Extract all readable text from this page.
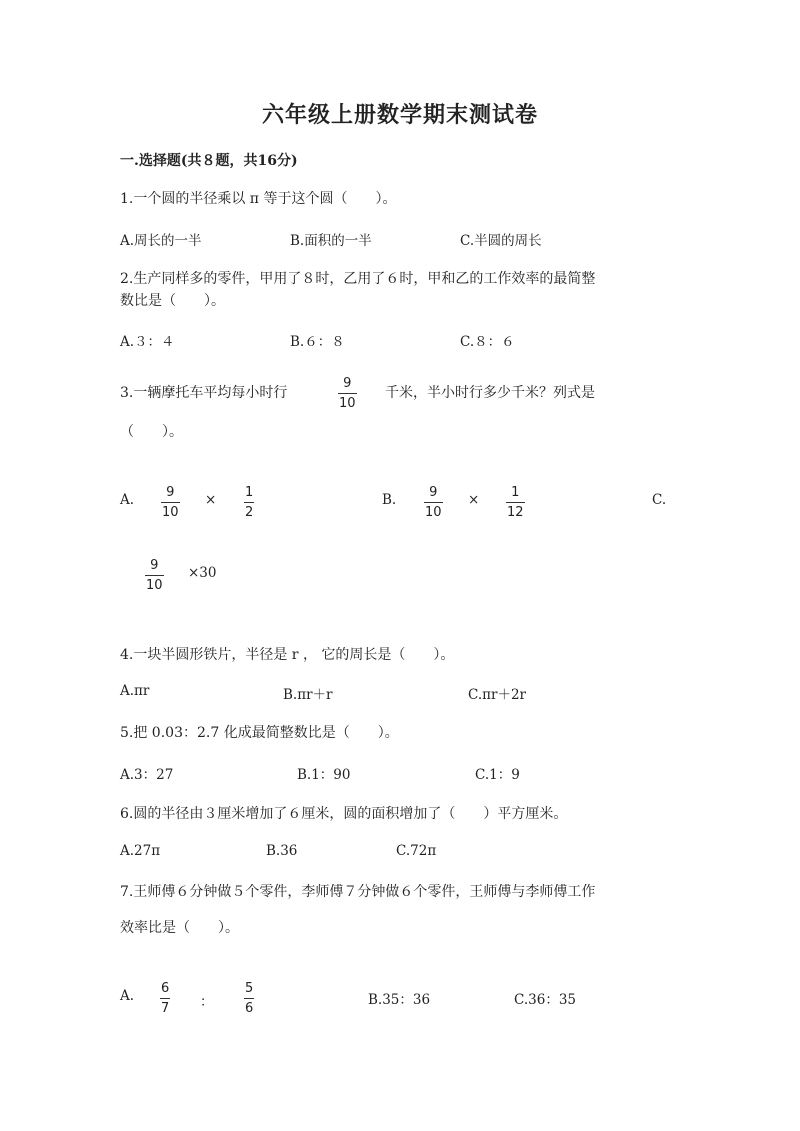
六年级上册数学期末测试卷
一.选择题(共８题，共16分)
1.一个圆的半径乘以 π 等于这个圆（　　）。
A.周长的一半	B.面积的一半	C.半圆的周长
2.生产同样多的零件，甲用了８时，乙用了６时，甲和乙的工作效率的最简整
数比是（　　）。
A.３：４	B.６：８	C.８：６
3.一辆摩托车平均每小时行
9
10
千米，半小时行多少千米？列式是
（　　）。
A. 9
10
× 1
2
B.	9
10
× 1
12
C.
9
10
×30
4.一块半圆形铁片，半径是 r ， 它的周长是（　　）。
A.πr	B.πr＋r	C.πr＋2r
5.把 0.03：2.7 化成最简整数比是（　　）。
A.3：27	B.1：90	C.1：9
6.圆的半径由３厘米增加了６厘米，圆的面积增加了（　　）平方厘米。
A.27π	B.36	C.72π
7.王师傅６分钟做５个零件，李师傅７分钟做６个零件，王师傅与李师傅工作
效率比是（　　）。
A. 6
7 ：
5
6
B.35：36	C.36：35
